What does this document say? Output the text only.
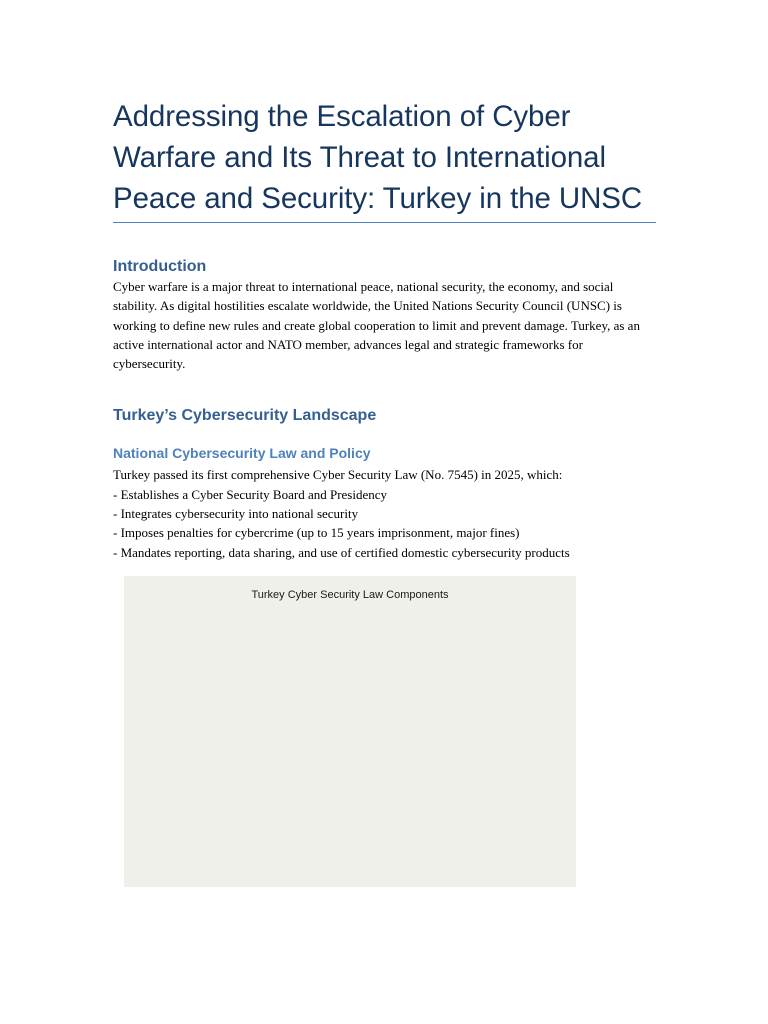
Addressing the Escalation of Cyber Warfare and Its Threat to International Peace and Security: Turkey in the UNSC
Introduction

Cyber warfare is a major threat to international peace, national security, the economy, and social stability. As digital hostilities escalate worldwide, the United Nations Security Council (UNSC) is working to define new rules and create global cooperation to limit and prevent damage. Turkey, as an active international actor and NATO member, advances legal and strategic frameworks for cybersecurity.

Turkey’s Cybersecurity Landscape
National Cybersecurity Law and Policy

Turkey passed its first comprehensive Cyber Security Law (No. 7545) in 2025, which:

- Establishes a Cyber Security Board and Presidency
- Integrates cybersecurity into national security
- Imposes penalties for cybercrime (up to 15 years imprisonment, major fines)
- Mandates reporting, data sharing, and use of certified domestic cybersecurity products
Turkey Cyber Security Law Components
